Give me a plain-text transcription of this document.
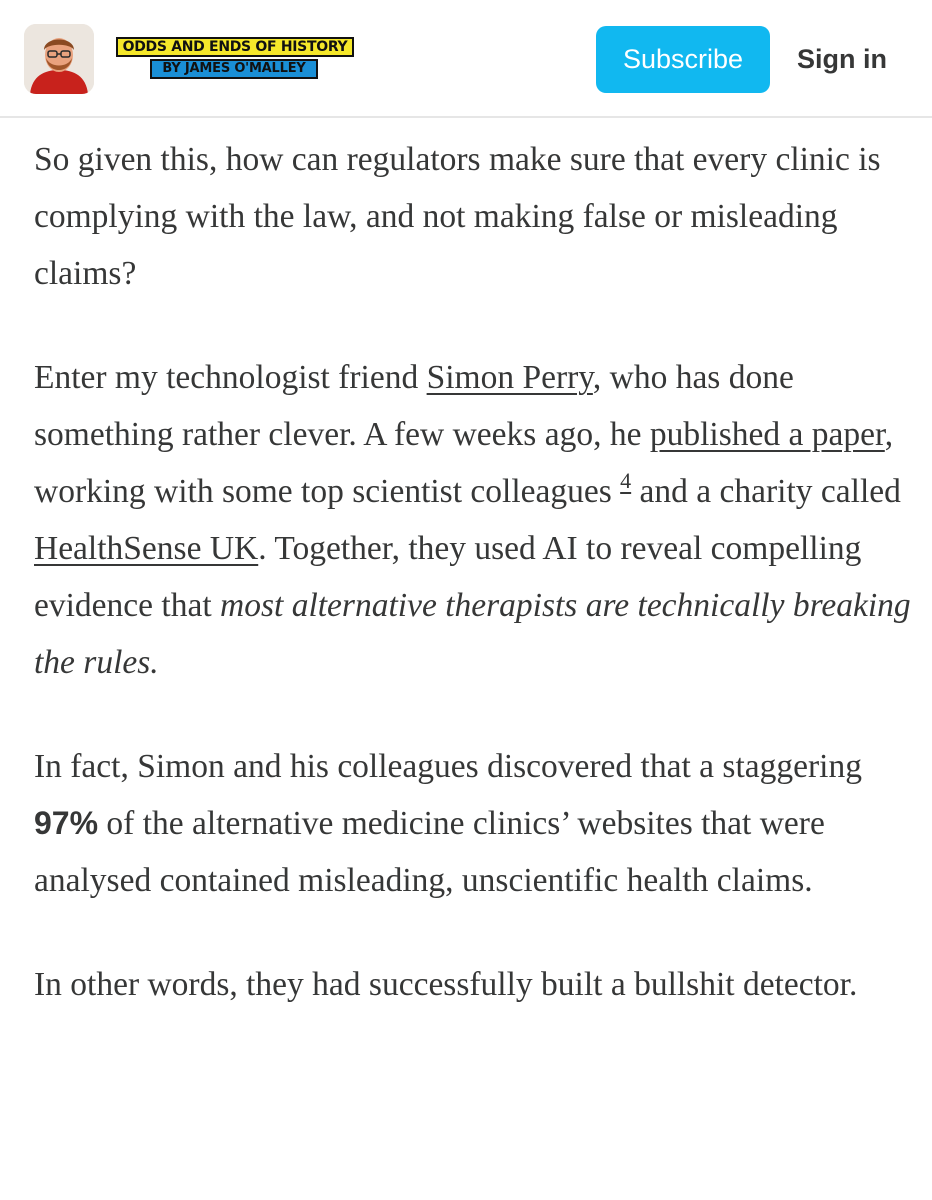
ODDS AND ENDS OF HISTORY
BY JAMES O'MALLEY	Subscribe	Sign in

So given this, how can regulators make sure that every clinic is complying with the law, and not making false or misleading claims?

Enter my technologist friend Simon Perry, who has done something rather clever. A few weeks ago, he published a paper, working with some top scientist colleagues $^4$ and a charity called HealthSense UK. Together, they used AI to reveal compelling evidence that most alternative therapists are technically breaking the rules.

In fact, Simon and his colleagues discovered that a staggering 97% of the alternative medicine clinics’ websites that were analysed contained misleading, unscientific health claims.

In other words, they had successfully built a bullshit detector.
